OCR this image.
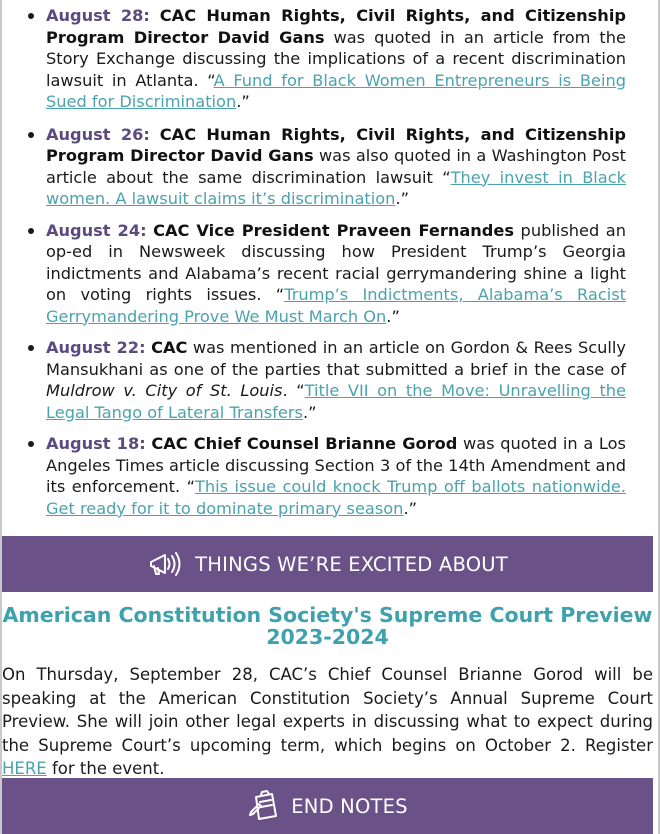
August 28: CAC Human Rights, Civil Rights, and Citizenship Program Director David Gans was quoted in an article from the Story Exchange discussing the implications of a recent discrimination lawsuit in Atlanta. “A Fund for Black Women Entrepreneurs is Being Sued for Discrimination.”
August 26: CAC Human Rights, Civil Rights, and Citizenship Program Director David Gans was also quoted in a Washington Post article about the same discrimination lawsuit “They invest in Black women. A lawsuit claims it’s discrimination.”
August 24: CAC Vice President Praveen Fernandes published an op-ed in Newsweek discussing how President Trump’s Georgia indictments and Alabama’s recent racial gerrymandering shine a light on voting rights issues. “Trump’s Indictments, Alabama’s Racist Gerrymandering Prove We Must March On.”
August 22: CAC was mentioned in an article on Gordon & Rees Scully Mansukhani as one of the parties that submitted a brief in the case of Muldrow v. City of St. Louis. “Title VII on the Move: Unravelling the Legal Tango of Lateral Transfers.”
August 18: CAC Chief Counsel Brianne Gorod was quoted in a Los Angeles Times article discussing Section 3 of the 14th Amendment and its enforcement. “This issue could knock Trump off ballots nationwide. Get ready for it to dominate primary season.”
THINGS WE’RE EXCITED ABOUT
American Constitution Society's Supreme Court Preview 2023-2024

On Thursday, September 28, CAC’s Chief Counsel Brianne Gorod will be speaking at the American Constitution Society’s Annual Supreme Court Preview. She will join other legal experts in discussing what to expect during the Supreme Court’s upcoming term, which begins on October 2. Register HERE for the event.

END NOTES
